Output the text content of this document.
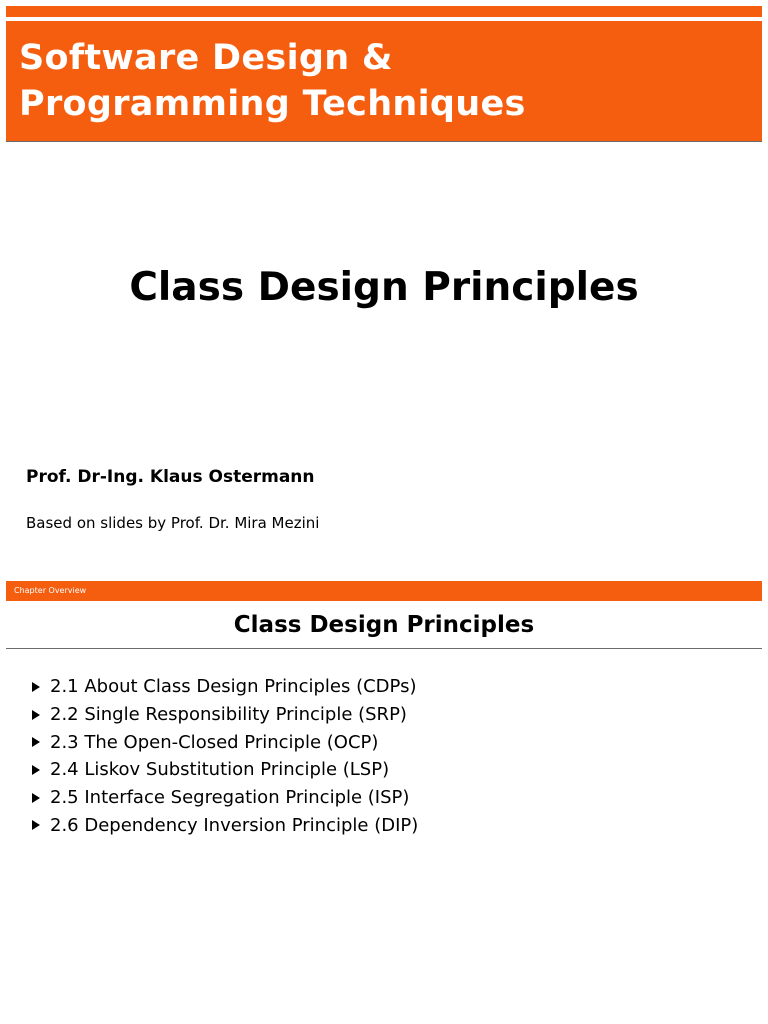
Software Design &
Programming Techniques
Class Design Principles

Prof. Dr-Ing. Klaus Ostermann

Based on slides by Prof. Dr. Mira Mezini

Chapter Overview
Class Design Principles
2.1 About Class Design Principles (CDPs)
2.2 Single Responsibility Principle (SRP)
2.3 The Open-Closed Principle (OCP)
2.4 Liskov Substitution Principle (LSP)
2.5 Interface Segregation Principle (ISP)
2.6 Dependency Inversion Principle (DIP)
